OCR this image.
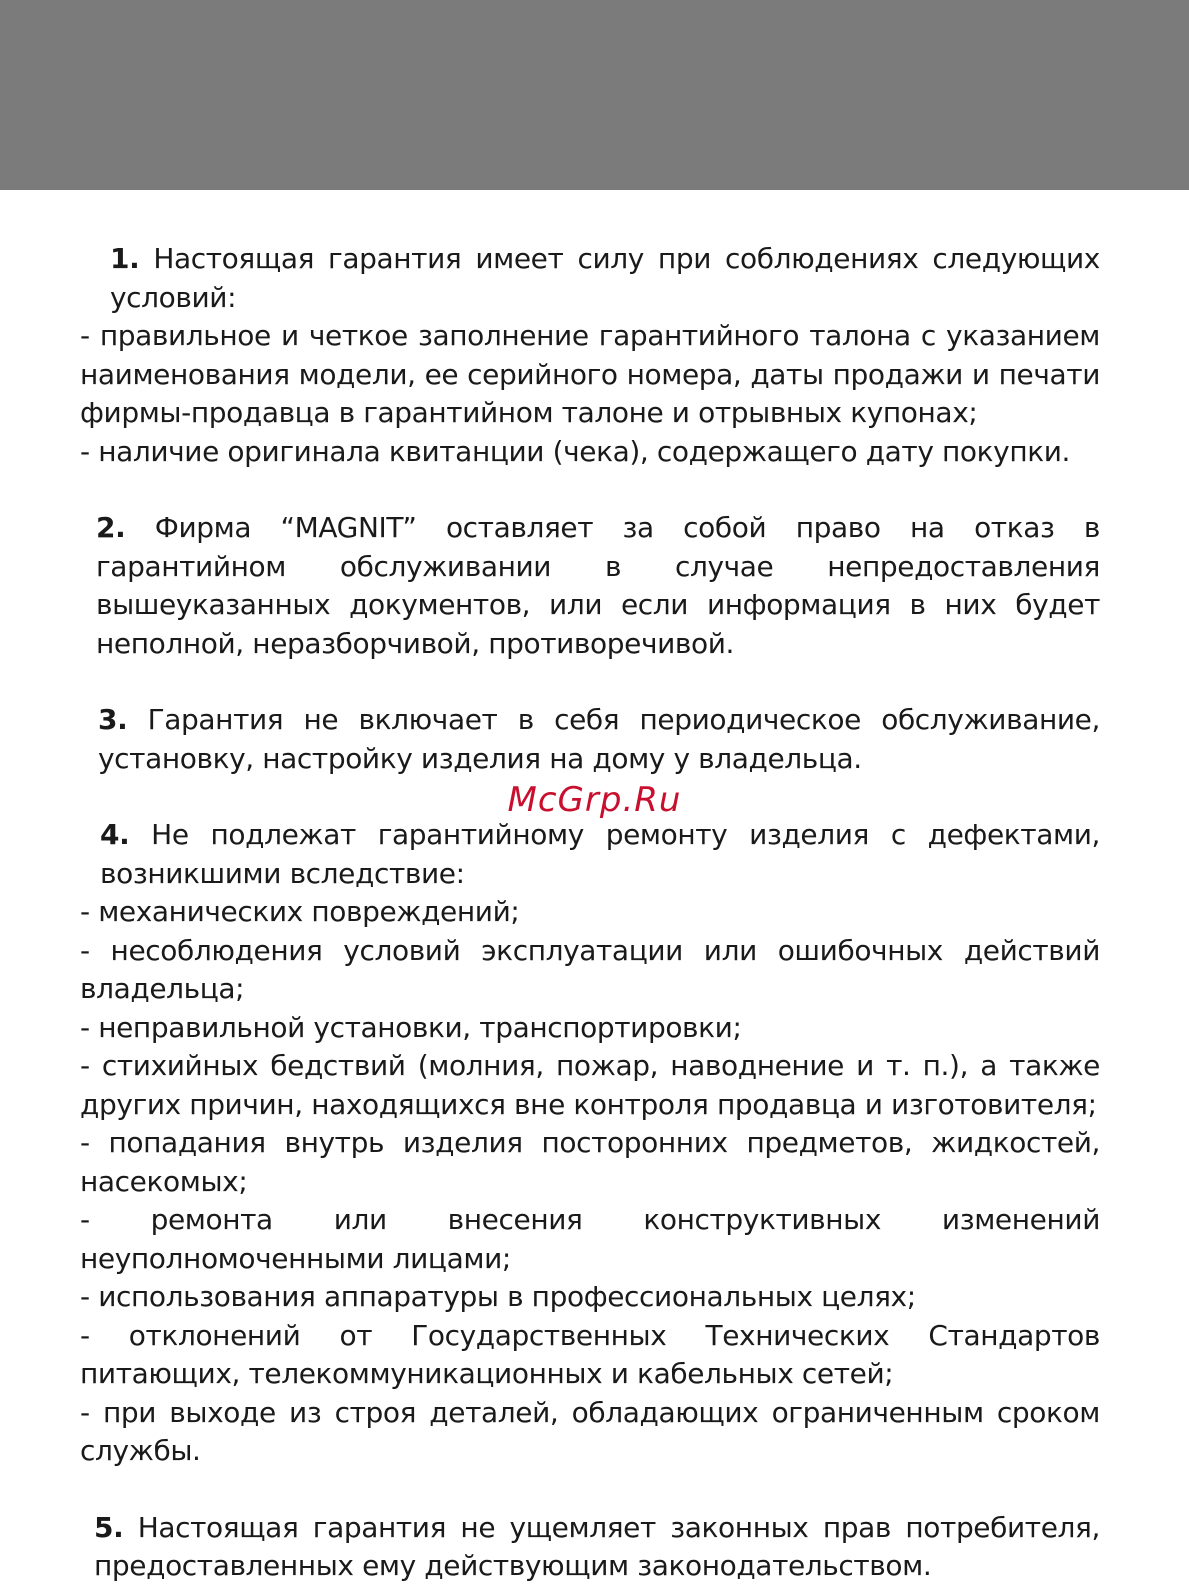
1. Настоящая гарантия имеет силу при соблюдениях следующих условий:

- правильное и четкое заполнение гарантийного талона с указанием наименования модели, ее серийного номера, даты продажи и печати фирмы-продавца в гарантийном талоне и отрывных купонах;

- наличие оригинала квитанции (чека), содержащего дату покупки.

2. Фирма “MAGNIT” оставляет за собой право на отказ в гарантийном обслуживании в случае непредоставления вышеуказанных документов, или если информация в них будет неполной, неразборчивой, противоречивой.

3. Гарантия не включает в себя периодическое обслуживание, установку, настройку изделия на дому у владельца.

4. Не подлежат гарантийному ремонту изделия с дефектами, возникшими вследствие:

- механических повреждений;

- несоблюдения условий эксплуатации или ошибочных действий владельца;

- неправильной установки, транспортировки;

- стихийных бедствий (молния, пожар, наводнение и т. п.), а также других причин, находящихся вне контроля продавца и изготовителя;

- попадания внутрь изделия посторонних предметов, жидкостей, насекомых;

- ремонта или внесения конструктивных изменений неуполномоченными лицами;

- использования аппаратуры в профессиональных целях;

- отклонений от Государственных Технических Стандартов питающих, телекоммуникационных и кабельных сетей;

- при выходе из строя деталей, обладающих ограниченным сроком службы.

5. Настоящая гарантия не ущемляет законных прав потребителя, предоставленных ему действующим законодательством.

McGrp.Ru
